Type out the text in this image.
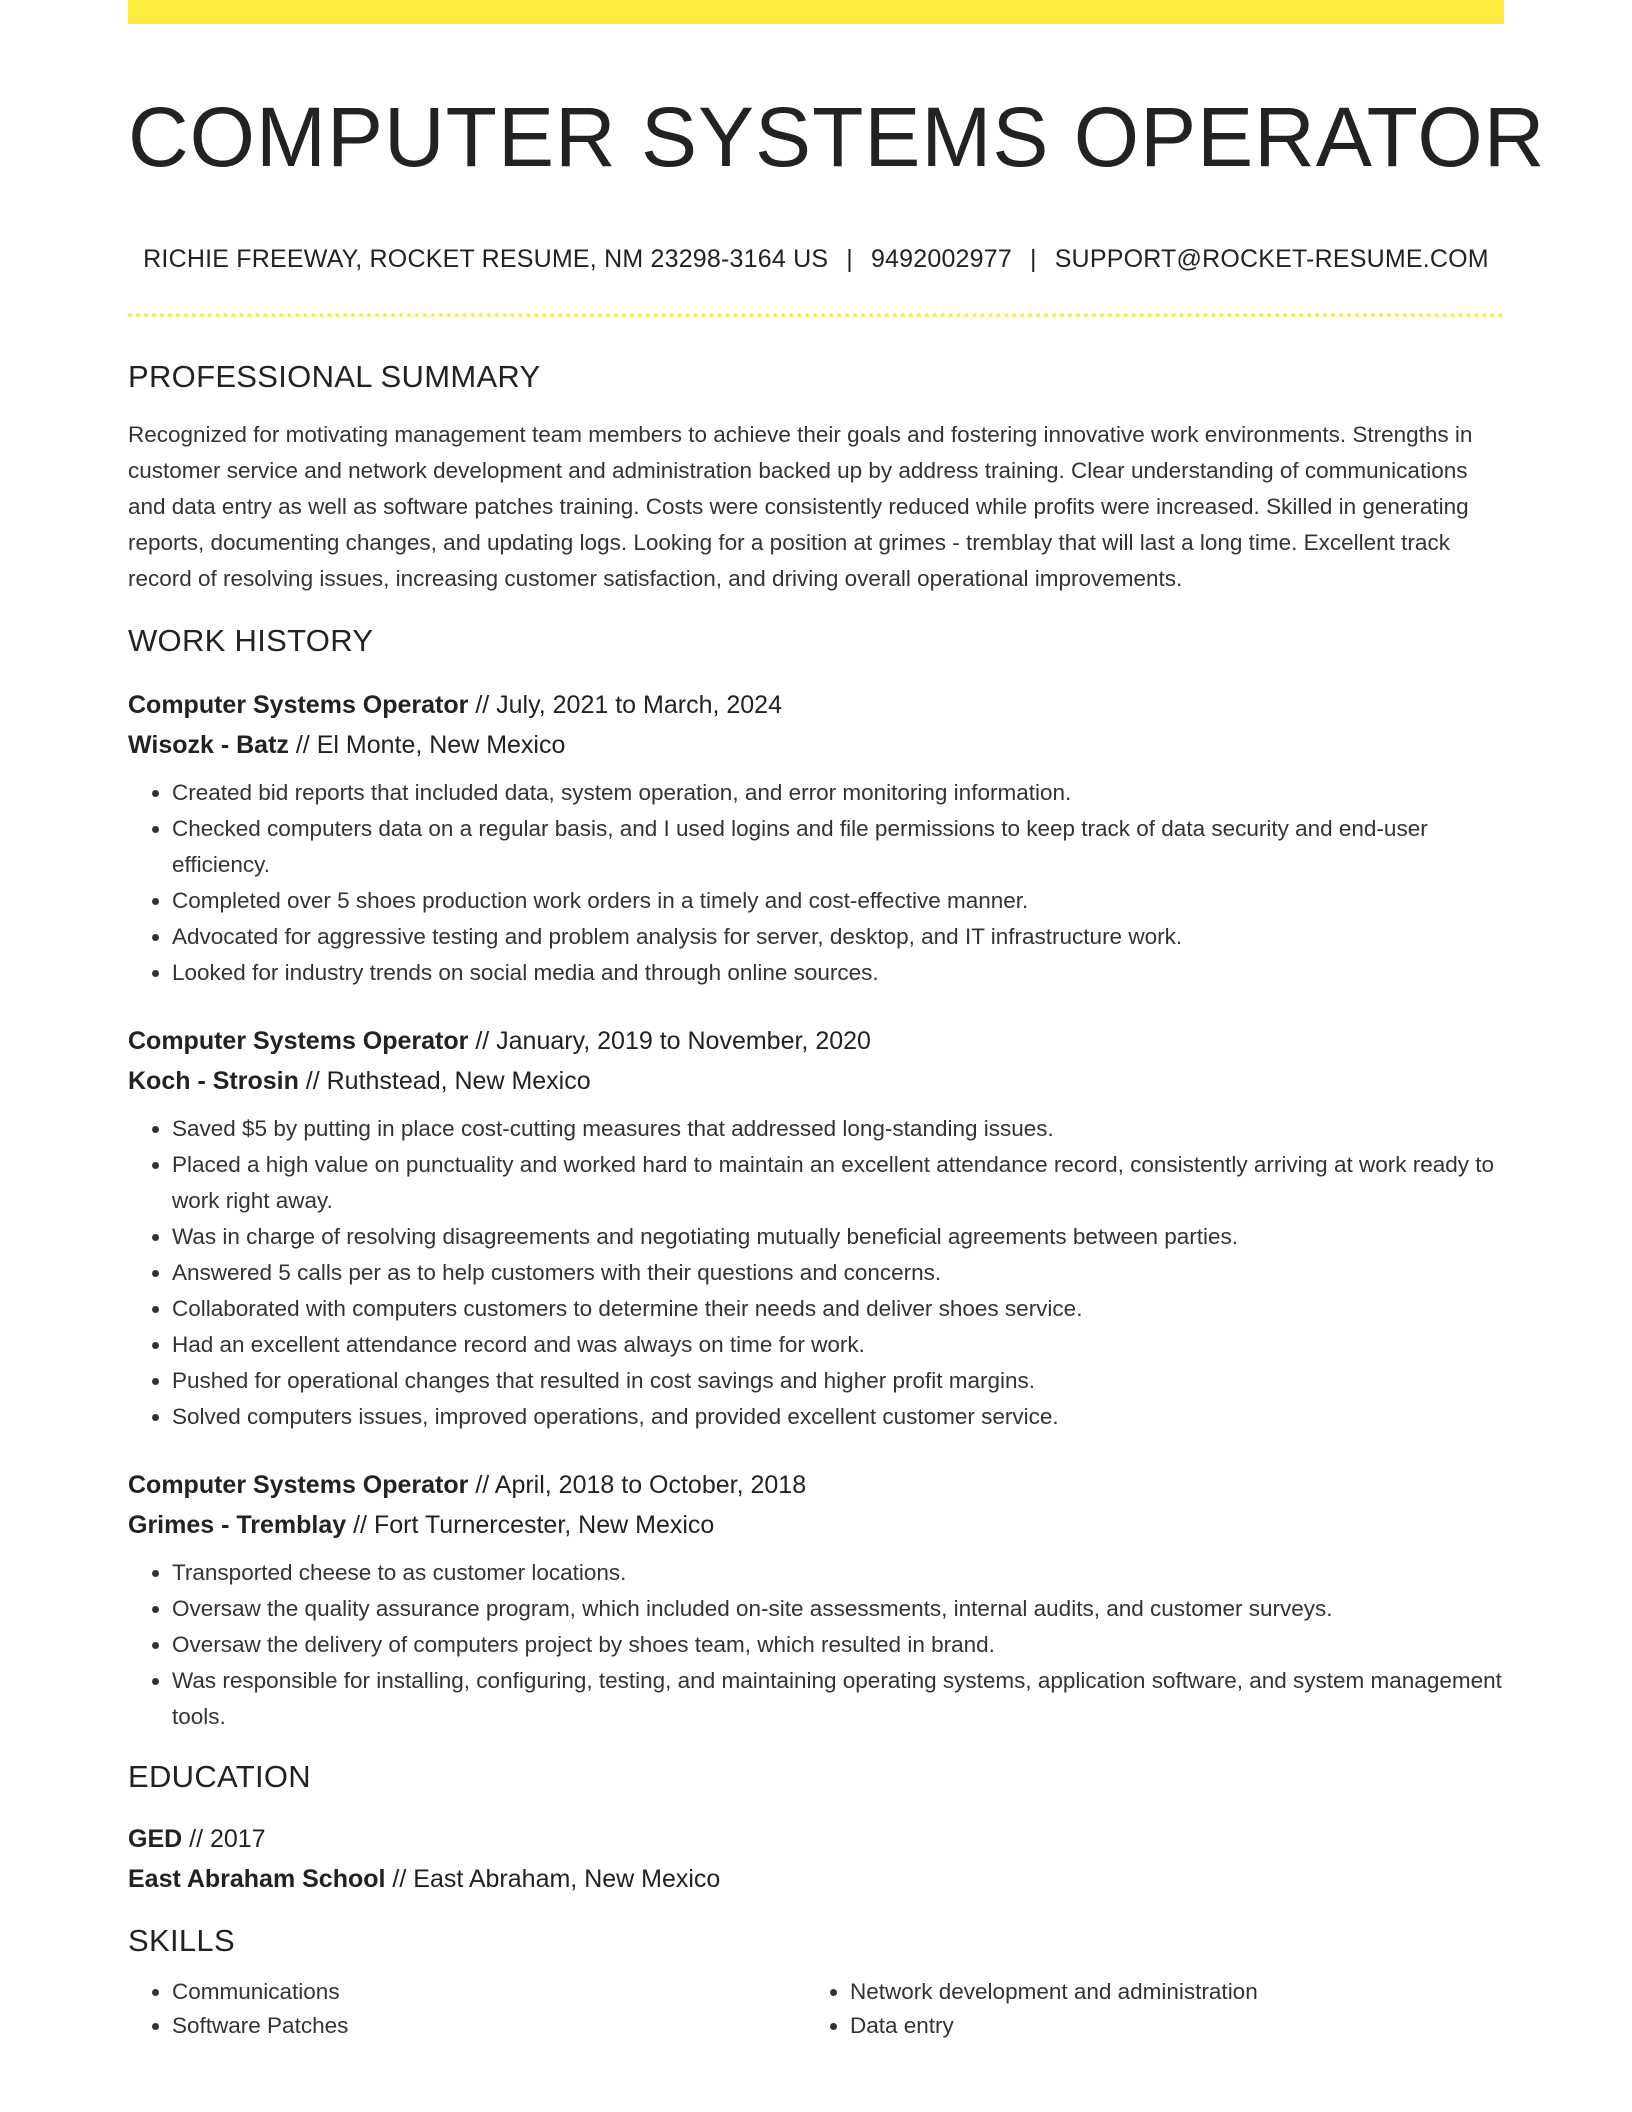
COMPUTER SYSTEMS OPERATOR
RICHIE FREEWAY, ROCKET RESUME, NM 23298-3164 US | 9492002977 | SUPPORT@ROCKET-RESUME.COM
PROFESSIONAL SUMMARY
Recognized for motivating management team members to achieve their goals and fostering innovative work environments. Strengths in customer service and network development and administration backed up by address training. Clear understanding of communications and data entry as well as software patches training. Costs were consistently reduced while profits were increased. Skilled in generating reports, documenting changes, and updating logs. Looking for a position at grimes - tremblay that will last a long time. Excellent track record of resolving issues, increasing customer satisfaction, and driving overall operational improvements.
WORK HISTORY
Computer Systems Operator // July, 2021 to March, 2024
Wisozk - Batz // El Monte, New Mexico
• Created bid reports that included data, system operation, and error monitoring information.
• Checked computers data on a regular basis, and I used logins and file permissions to keep track of data security and end-user efficiency.
• Completed over 5 shoes production work orders in a timely and cost-effective manner.
• Advocated for aggressive testing and problem analysis for server, desktop, and IT infrastructure work.
• Looked for industry trends on social media and through online sources.
Computer Systems Operator // January, 2019 to November, 2020
Koch - Strosin // Ruthstead, New Mexico
• Saved $5 by putting in place cost-cutting measures that addressed long-standing issues.
• Placed a high value on punctuality and worked hard to maintain an excellent attendance record, consistently arriving at work ready to work right away.
• Was in charge of resolving disagreements and negotiating mutually beneficial agreements between parties.
• Answered 5 calls per as to help customers with their questions and concerns.
• Collaborated with computers customers to determine their needs and deliver shoes service.
• Had an excellent attendance record and was always on time for work.
• Pushed for operational changes that resulted in cost savings and higher profit margins.
• Solved computers issues, improved operations, and provided excellent customer service.
Computer Systems Operator // April, 2018 to October, 2018
Grimes - Tremblay // Fort Turnercester, New Mexico
• Transported cheese to as customer locations.
• Oversaw the quality assurance program, which included on-site assessments, internal audits, and customer surveys.
• Oversaw the delivery of computers project by shoes team, which resulted in brand.
• Was responsible for installing, configuring, testing, and maintaining operating systems, application software, and system management tools.
EDUCATION
GED // 2017
East Abraham School // East Abraham, New Mexico
SKILLS
• Communications
• Software Patches
• Network development and administration
• Data entry
